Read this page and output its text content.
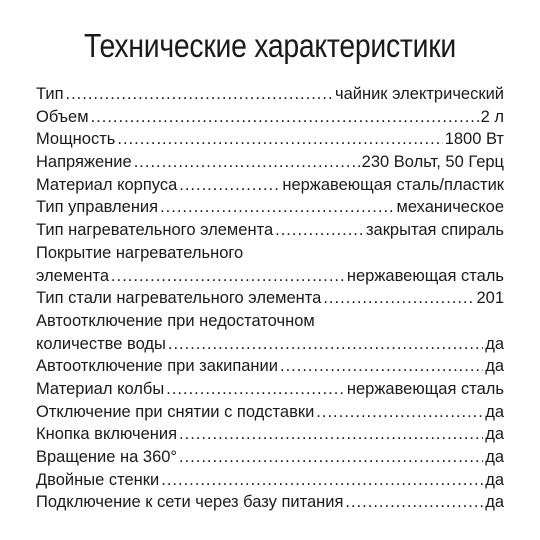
Технические характеристики
Тип .....	чайник электрический
Объем .....	2 л
Мощность .....	1800 Вт
Напряжение .....	230 Вольт, 50 Герц
Материал корпуса .....	нержавеющая сталь/пластик
Тип управления .....	механическое
Тип нагревательного элемента .....	закрытая спираль
Покрытие нагревательного
элемента .....	нержавеющая сталь
Тип стали нагревательного элемента .....	201
Автоотключение при недостаточном
количестве воды .....	да
Автоотключение при закипании .....	да
Материал колбы .....	нержавеющая сталь
Отключение при снятии с подставки .....	да
Кнопка включения .....	да
Вращение на 360° .....	да
Двойные стенки .....	да
Подключение к сети через базу питания .....	да
